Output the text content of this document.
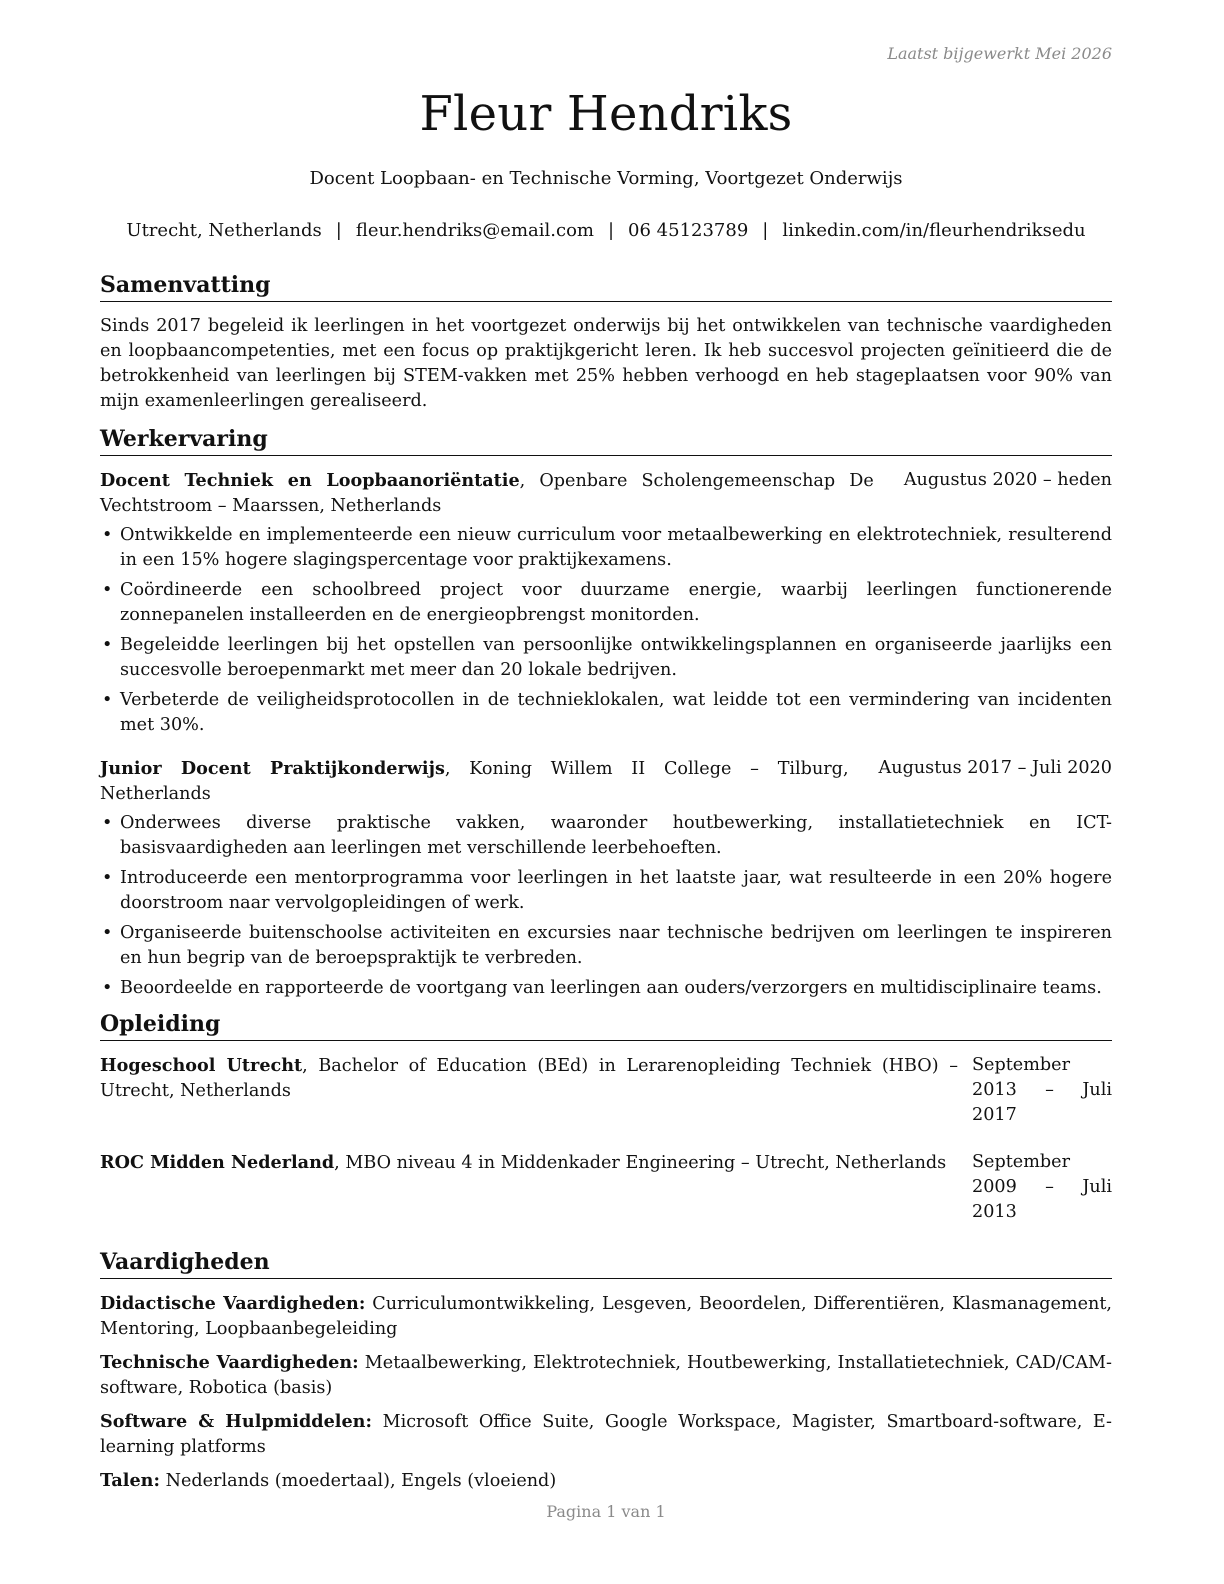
Laatst bijgewerkt Mei 2026
Fleur Hendriks
Docent Loopbaan- en Technische Vorming, Voortgezet Onderwijs
Utrecht, Netherlands | fleur.hendriks@email.com | 06 45123789 | linkedin.com/in/fleurhendriksedu
Samenvatting

Sinds 2017 begeleid ik leerlingen in het voortgezet onderwijs bij het ontwikkelen van technische vaardigheden en loopbaancompetenties, met een focus op praktijkgericht leren. Ik heb succesvol projecten geïnitieerd die de betrokkenheid van leerlingen bij STEM-vakken met 25% hebben verhoogd en heb stageplaatsen voor 90% van mijn examenleerlingen gerealiseerd.

Werkervaring
Docent Techniek en Loopbaanoriëntatie, Openbare Scholengemeenschap De Vechtstroom – Maarssen, Netherlands
Augustus 2020 – heden
• Ontwikkelde en implementeerde een nieuw curriculum voor metaalbewerking en elektrotechniek, resulterend in een 15% hogere slagingspercentage voor praktijkexamens.
• Coördineerde een schoolbreed project voor duurzame energie, waarbij leerlingen functionerende zonnepanelen installeerden en de energieopbrengst monitorden.
• Begeleidde leerlingen bij het opstellen van persoonlijke ontwikkelingsplannen en organiseerde jaarlijks een succesvolle beroepenmarkt met meer dan 20 lokale bedrijven.
• Verbeterde de veiligheidsprotocollen in de technieklokalen, wat leidde tot een vermindering van incidenten met 30%.
Junior Docent Praktijkonderwijs, Koning Willem II College – Tilburg, Netherlands
Augustus 2017 – Juli 2020
• Onderwees diverse praktische vakken, waaronder houtbewerking, installatietechniek en ICT-basisvaardigheden aan leerlingen met verschillende leerbehoeften.
• Introduceerde een mentorprogramma voor leerlingen in het laatste jaar, wat resulteerde in een 20% hogere doorstroom naar vervolgopleidingen of werk.
• Organiseerde buitenschoolse activiteiten en excursies naar technische bedrijven om leerlingen te inspireren en hun begrip van de beroepspraktijk te verbreden.
• Beoordeelde en rapporteerde de voortgang van leerlingen aan ouders/verzorgers en multidisciplinaire teams.
Opleiding
Hogeschool Utrecht, Bachelor of Education (BEd) in Lerarenopleiding Techniek (HBO) – Utrecht, Netherlands
September 2013 – Juli 2017
ROC Midden Nederland, MBO niveau 4 in Middenkader Engineering – Utrecht, Netherlands	September 2009 – Juli 2013
Vaardigheden

Didactische Vaardigheden: Curriculumontwikkeling, Lesgeven, Beoordelen, Differentiëren, Klasmanagement, Mentoring, Loopbaanbegeleiding

Technische Vaardigheden: Metaalbewerking, Elektrotechniek, Houtbewerking, Installatietechniek, CAD/CAM-software, Robotica (basis)

Software & Hulpmiddelen: Microsoft Office Suite, Google Workspace, Magister, Smartboard-software, E-learning platforms

Talen: Nederlands (moedertaal), Engels (vloeiend)

Pagina 1 van 1
